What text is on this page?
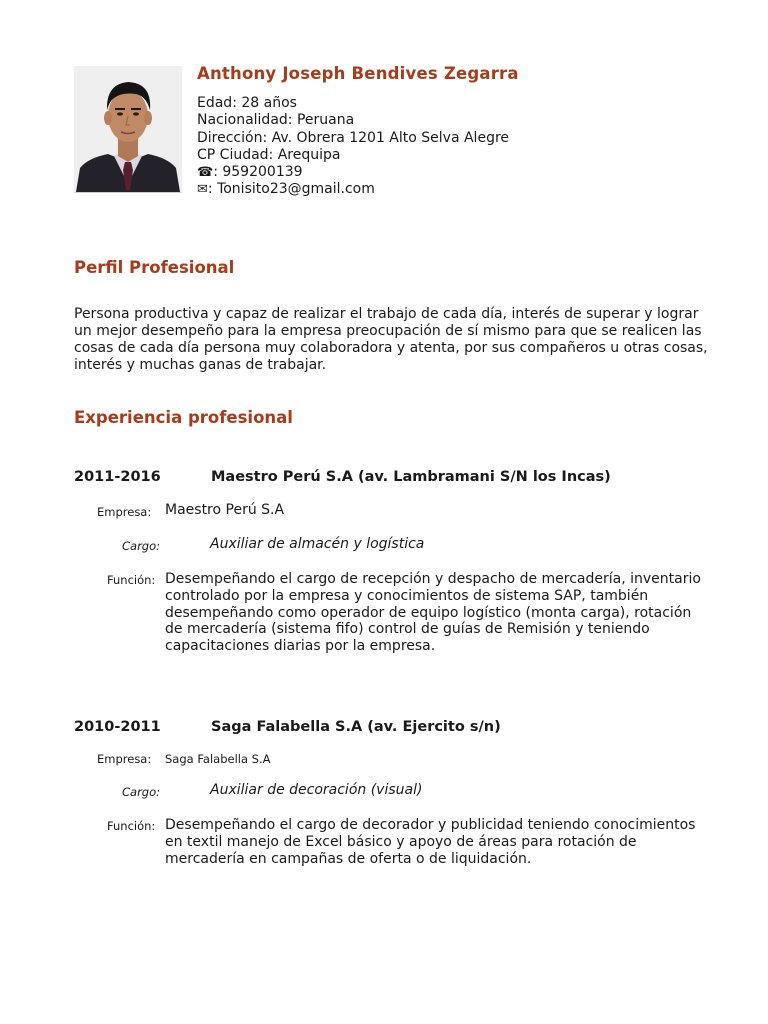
Anthony Joseph Bendives Zegarra
Edad: 28 años
Nacionalidad: Peruana
Dirección: Av. Obrera 1201 Alto Selva Alegre
CP Ciudad: Arequipa
☎: 959200139
✉: Tonisito23@gmail.com
Perfil Profesional

Persona productiva y capaz de realizar el trabajo de cada día, interés de superar y lograr un mejor desempeño para la empresa preocupación de sí mismo para que se realicen las cosas de cada día persona muy colaboradora y atenta, por sus compañeros u otras cosas, interés y muchas ganas de trabajar.

Experiencia profesional
2011-2016	Maestro Perú S.A (av. Lambramani S/N los Incas)
Empresa: Maestro Perú S.A
Cargo:	Auxiliar de almacén y logística
Función: Desempeñando el cargo de recepción y despacho de mercadería, inventario controlado por la empresa y conocimientos de sistema SAP, también desempeñando como operador de equipo logístico (monta carga), rotación de mercadería (sistema fifo) control de guías de Remisión y teniendo capacitaciones diarias por la empresa.

2010-2011	Saga Falabella S.A (av. Ejercito s/n)
Empresa: Saga Falabella S.A
Cargo:	Auxiliar de decoración (visual)
Función: Desempeñando el cargo de decorador y publicidad teniendo conocimientos en textil manejo de Excel básico y apoyo de áreas para rotación de mercadería en campañas de oferta o de liquidación.
